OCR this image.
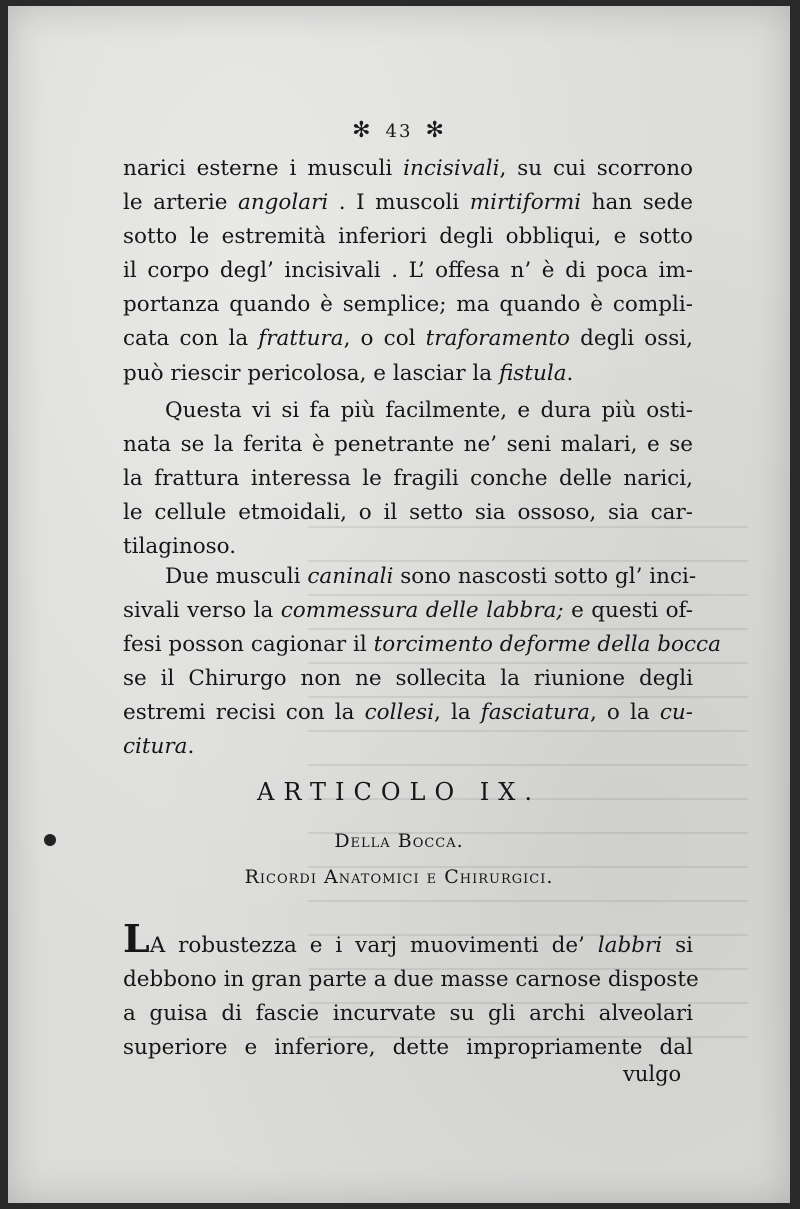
✻ 43 ✻

narici esterne i musculi incisivali, su cui scorrono
le arterie angolari . I muscoli mirtiformi han sede
sotto le estremità inferiori degli obbliqui, e sotto
il corpo degl’ incisivali . L’ offesa n’ è di poca im-
portanza quando è semplice; ma quando è compli-
cata con la frattura, o col traforamento degli ossi,
può riescir pericolosa, e lasciar la fistula.

Questa vi si fa più facilmente, e dura più osti-
nata se la ferita è penetrante ne’ seni malari, e se
la frattura interessa le fragili conche delle narici,
le cellule etmoidali, o il setto sia ossoso, sia car-
tilaginoso.

Due musculi caninali sono nascosti sotto gl’ inci-
sivali verso la commessura delle labbra; e questi of-
fesi posson cagionar il torcimento deforme della bocca
se il Chirurgo non ne sollecita la riunione degli
estremi recisi con la collesi, la fasciatura, o la cu-
citura.

ARTICOLO IX.
Della Bocca.
Ricordi Anatomici e Chirurgici.

LA robustezza e i varj muovimenti de’ labbri si
debbono in gran parte a due masse carnose disposte
a guisa di fascie incurvate su gli archi alveolari
superiore e inferiore, dette impropriamente dal

vulgo
